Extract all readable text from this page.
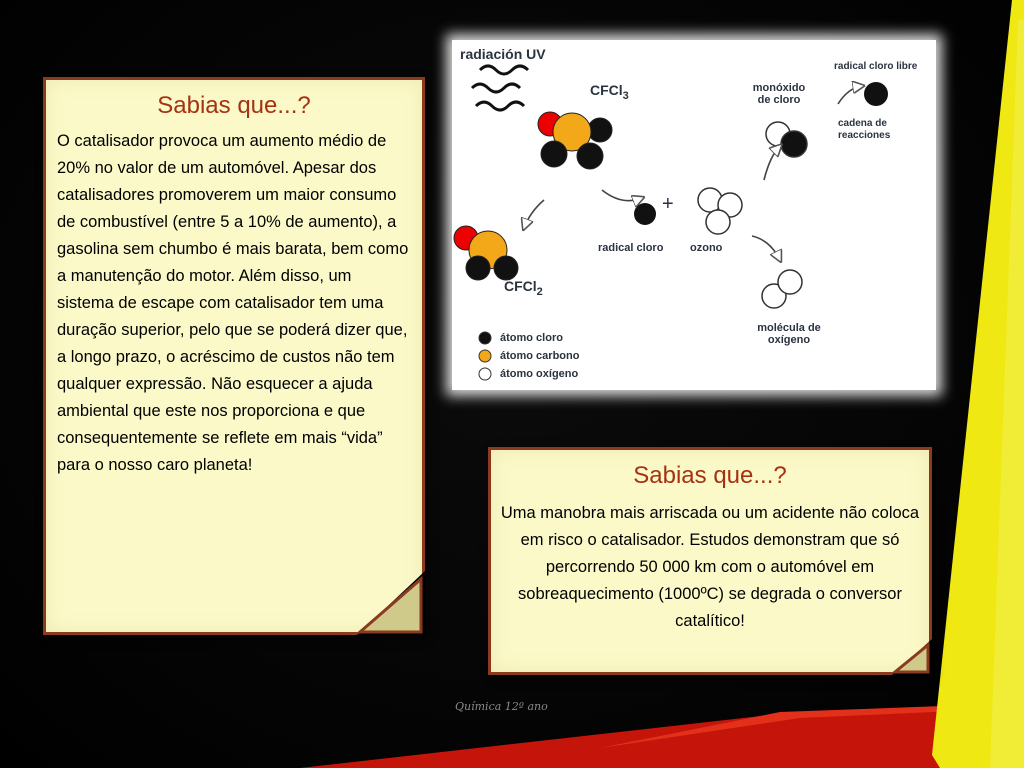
Sabias que...?

O catalisador provoca um aumento médio de 20% no valor de um automóvel. Apesar dos catalisadores promoverem um maior consumo de combustível (entre 5 a 10% de aumento), a gasolina sem chumbo é mais barata, bem como a manutenção do motor. Além disso, um sistema de escape com catalisador tem uma duração superior, pelo que se poderá dizer que, a longo prazo, o acréscimo de custos não tem qualquer expressão. Não esquecer a ajuda ambiental que este nos proporciona e que consequentemente se reflete em mais “vida” para o nosso caro planeta!	Sabias que...?

Uma manobra mais arriscada ou um acidente não coloca em risco o catalisador. Estudos demonstram que só percorrendo 50 000 km com o automóvel em sobreaquecimento (1000ºC) se degrada o conversor catalítico!

radiación UV
CFCl$_3$
CFCl$_2$
radical cloro
+
ozono
monóxido
de cloro
radical cloro libre
cadena de
reacciones
molécula de
oxígeno
átomo cloro
átomo carbono
átomo oxígeno
Química 12º ano
